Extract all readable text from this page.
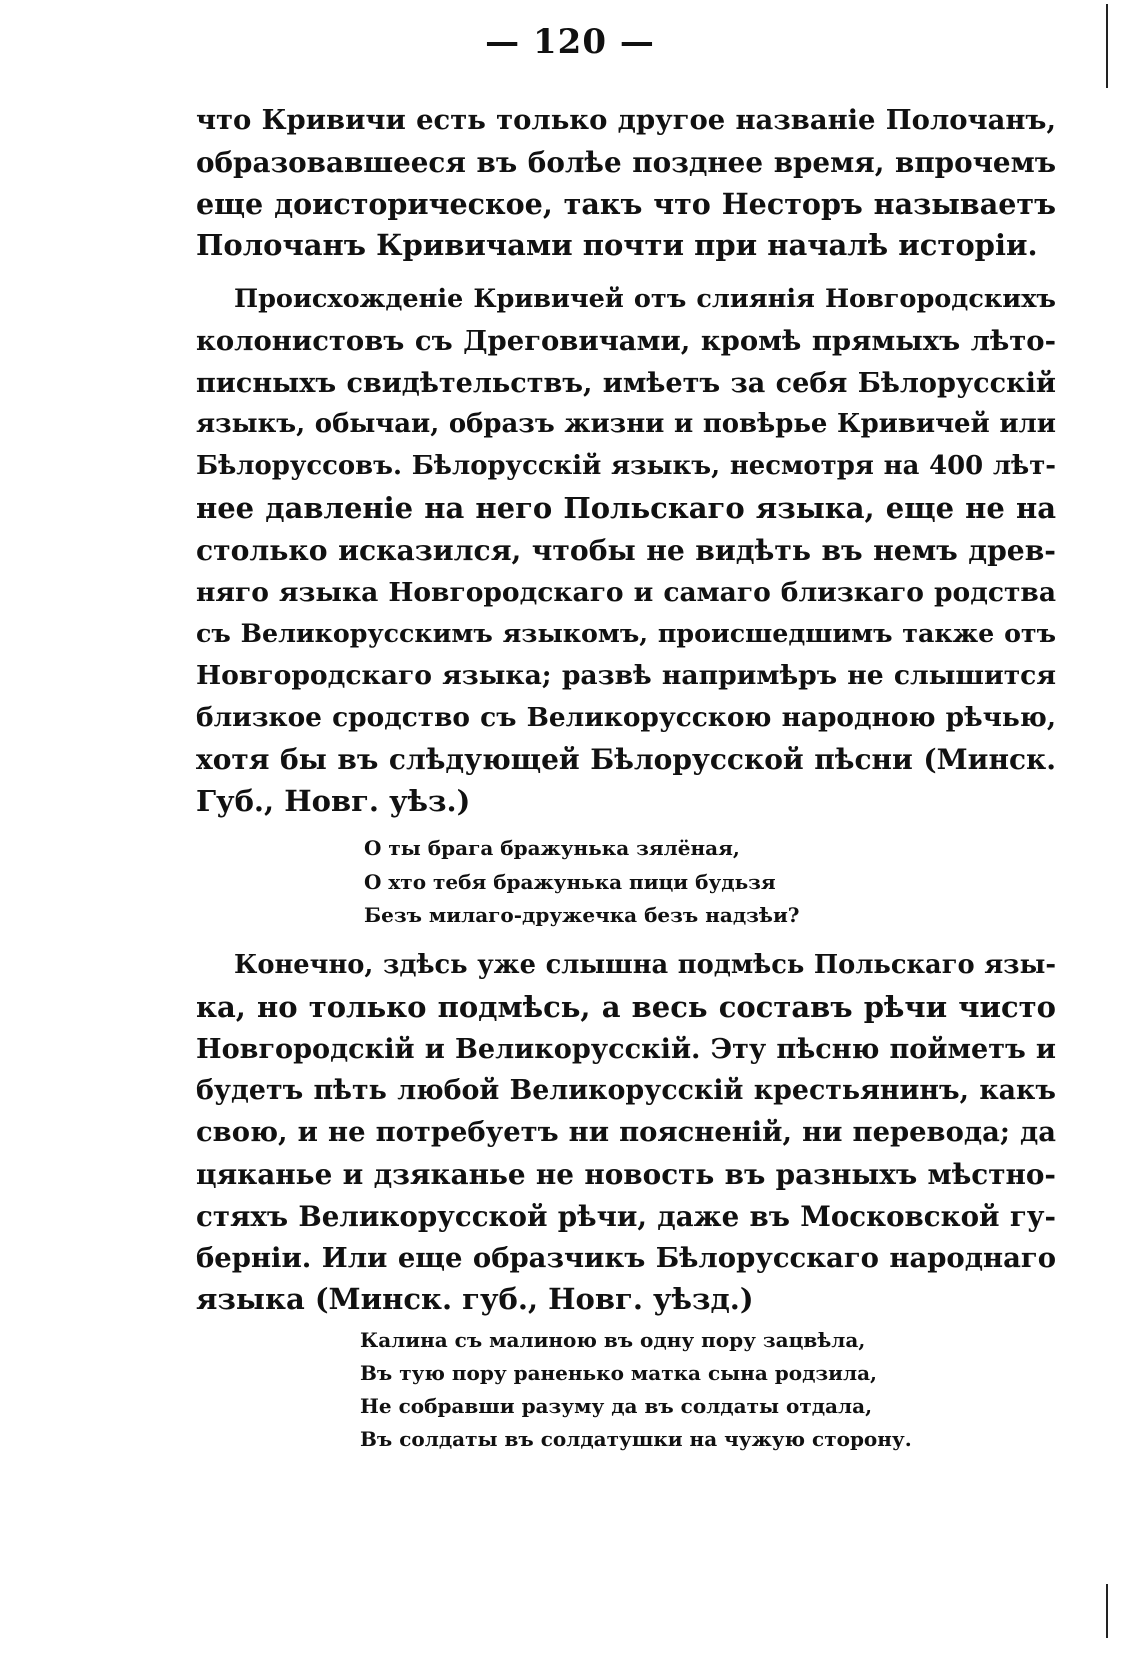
— 120 —
что Кривичи есть только другое названіе Полочанъ,
образовавшееся въ болѣе позднее время, впрочемъ
еще доисторическое, такъ что Несторъ называетъ
Полочанъ Кривичами почти при началѣ исторіи.
Происхожденіе Кривичей отъ слиянія Новгородскихъ
колонистовъ съ Дреговичами, кромѣ прямыхъ лѣто-
писныхъ свидѣтельствъ, имѣетъ за себя Бѣлорусскій
языкъ, обычаи, образъ жизни и повѣрье Кривичей или
Бѣлоруссовъ. Бѣлорусскій языкъ, несмотря на 400 лѣт-
нее давленіе на него Польскаго языка, еще не на
столько исказился, чтобы не видѣть въ немъ древ-
няго языка Новгородскаго и самаго близкаго родства
съ Великорусскимъ языкомъ, происшедшимъ также отъ
Новгородскаго языка; развѣ напримѣръ не слышится
близкое сродство съ Великорусскою народною рѣчью,
хотя бы въ слѣдующей Бѣлорусской пѣсни (Минск.
Губ., Новг. уѣз.)
О ты брага бражунька зялёная,
О хто тебя бражунька пици будьзя
Безъ милаго-дружечка безъ надзѣи?
Конечно, здѣсь уже слышна подмѣсь Польскаго язы-
ка, но только подмѣсь, а весь составъ рѣчи чисто
Новгородскій и Великорусскій. Эту пѣсню пойметъ и
будетъ пѣть любой Великорусскій крестьянинъ, какъ
свою, и не потребуетъ ни поясненій, ни перевода; да
цяканье и дзяканье не новость въ разныхъ мѣстно-
стяхъ Великорусской рѣчи, даже въ Московской гу-
берніи. Или еще образчикъ Бѣлорусскаго народнаго
языка (Минск. губ., Новг. уѣзд.)
Калина съ малиною въ одну пору зацвѣла,
Въ тую пору раненько матка сына родзила,
Не собравши разуму да въ солдаты отдала,
Въ солдаты въ солдатушки на чужую сторону.
